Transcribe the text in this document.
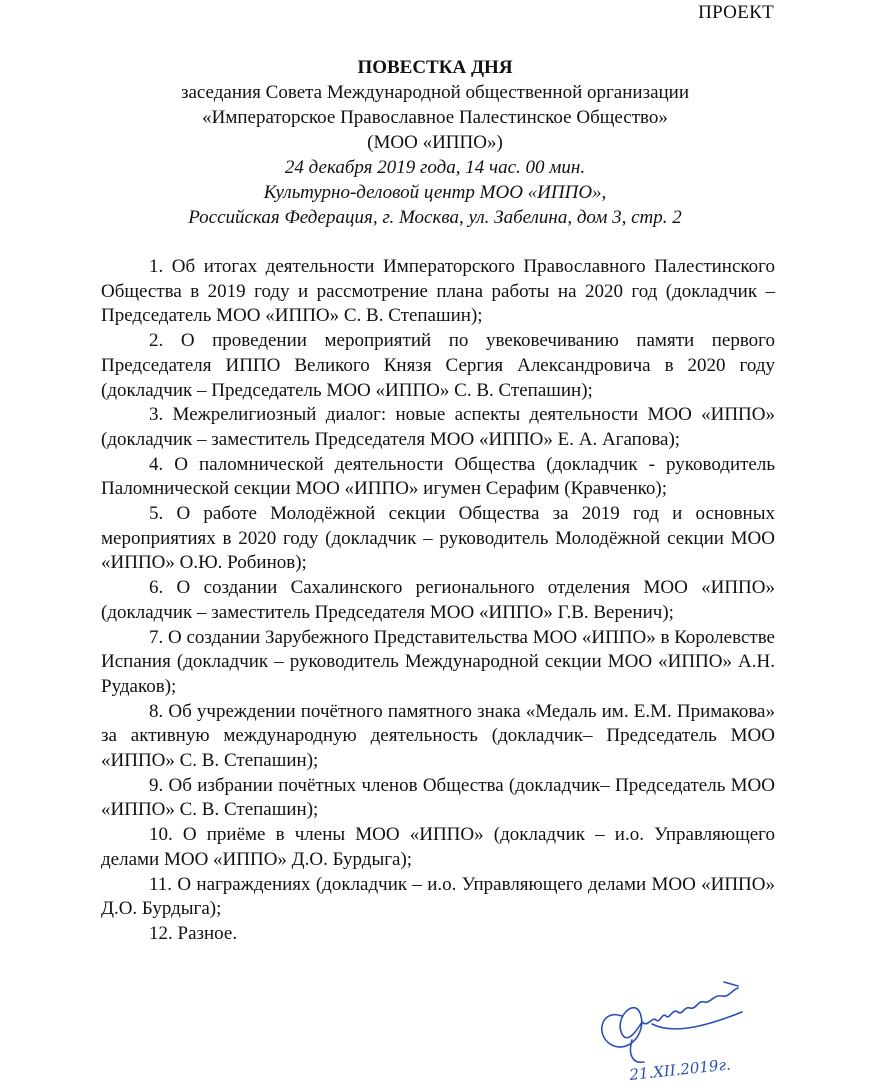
ПРОЕКТ
ПОВЕСТКА ДНЯ
заседания Совета Международной общественной организации
«Императорское Православное Палестинское Общество»
(МОО «ИППО»)
24 декабря 2019 года, 14 час. 00 мин.
Культурно-деловой центр МОО «ИППО»,
Российская Федерация, г. Москва, ул. Забелина, дом 3, стр. 2

1. Об итогах деятельности Императорского Православного Палестинского Общества в 2019 году и рассмотрение плана работы на 2020 год (докладчик – Председатель МОО «ИППО» С. В. Степашин);

2. О проведении мероприятий по увековечиванию памяти первого Председателя ИППО Великого Князя Сергия Александровича в 2020 году (докладчик – Председатель МОО «ИППО» С. В. Степашин);

3. Межрелигиозный диалог: новые аспекты деятельности МОО «ИППО» (докладчик – заместитель Председателя МОО «ИППО» Е. А. Агапова);

4. О паломнической деятельности Общества (докладчик - руководитель Паломнической секции МОО «ИППО» игумен Серафим (Кравченко);

5. О работе Молодёжной секции Общества за 2019 год и основных мероприятиях в 2020 году (докладчик – руководитель Молодёжной секции МОО «ИППО» О.Ю. Робинов);

6. О создании Сахалинского регионального отделения МОО «ИППО» (докладчик – заместитель Председателя МОО «ИППО» Г.В. Веренич);

7. О создании Зарубежного Представительства МОО «ИППО» в Королевстве Испания (докладчик – руководитель Международной секции МОО «ИППО» А.Н. Рудаков);

8. Об учреждении почётного памятного знака «Медаль им. Е.М. Примакова» за активную международную деятельность (докладчик– Председатель МОО «ИППО» С. В. Степашин);

9. Об избрании почётных членов Общества (докладчик– Председатель МОО «ИППО» С. В. Степашин);

10. О приёме в члены МОО «ИППО» (докладчик – и.о. Управляющего делами МОО «ИППО» Д.О. Бурдыга);

11. О награждениях (докладчик – и.о. Управляющего делами МОО «ИППО» Д.О. Бурдыга);

12. Разное.

21.XII.2019г.
